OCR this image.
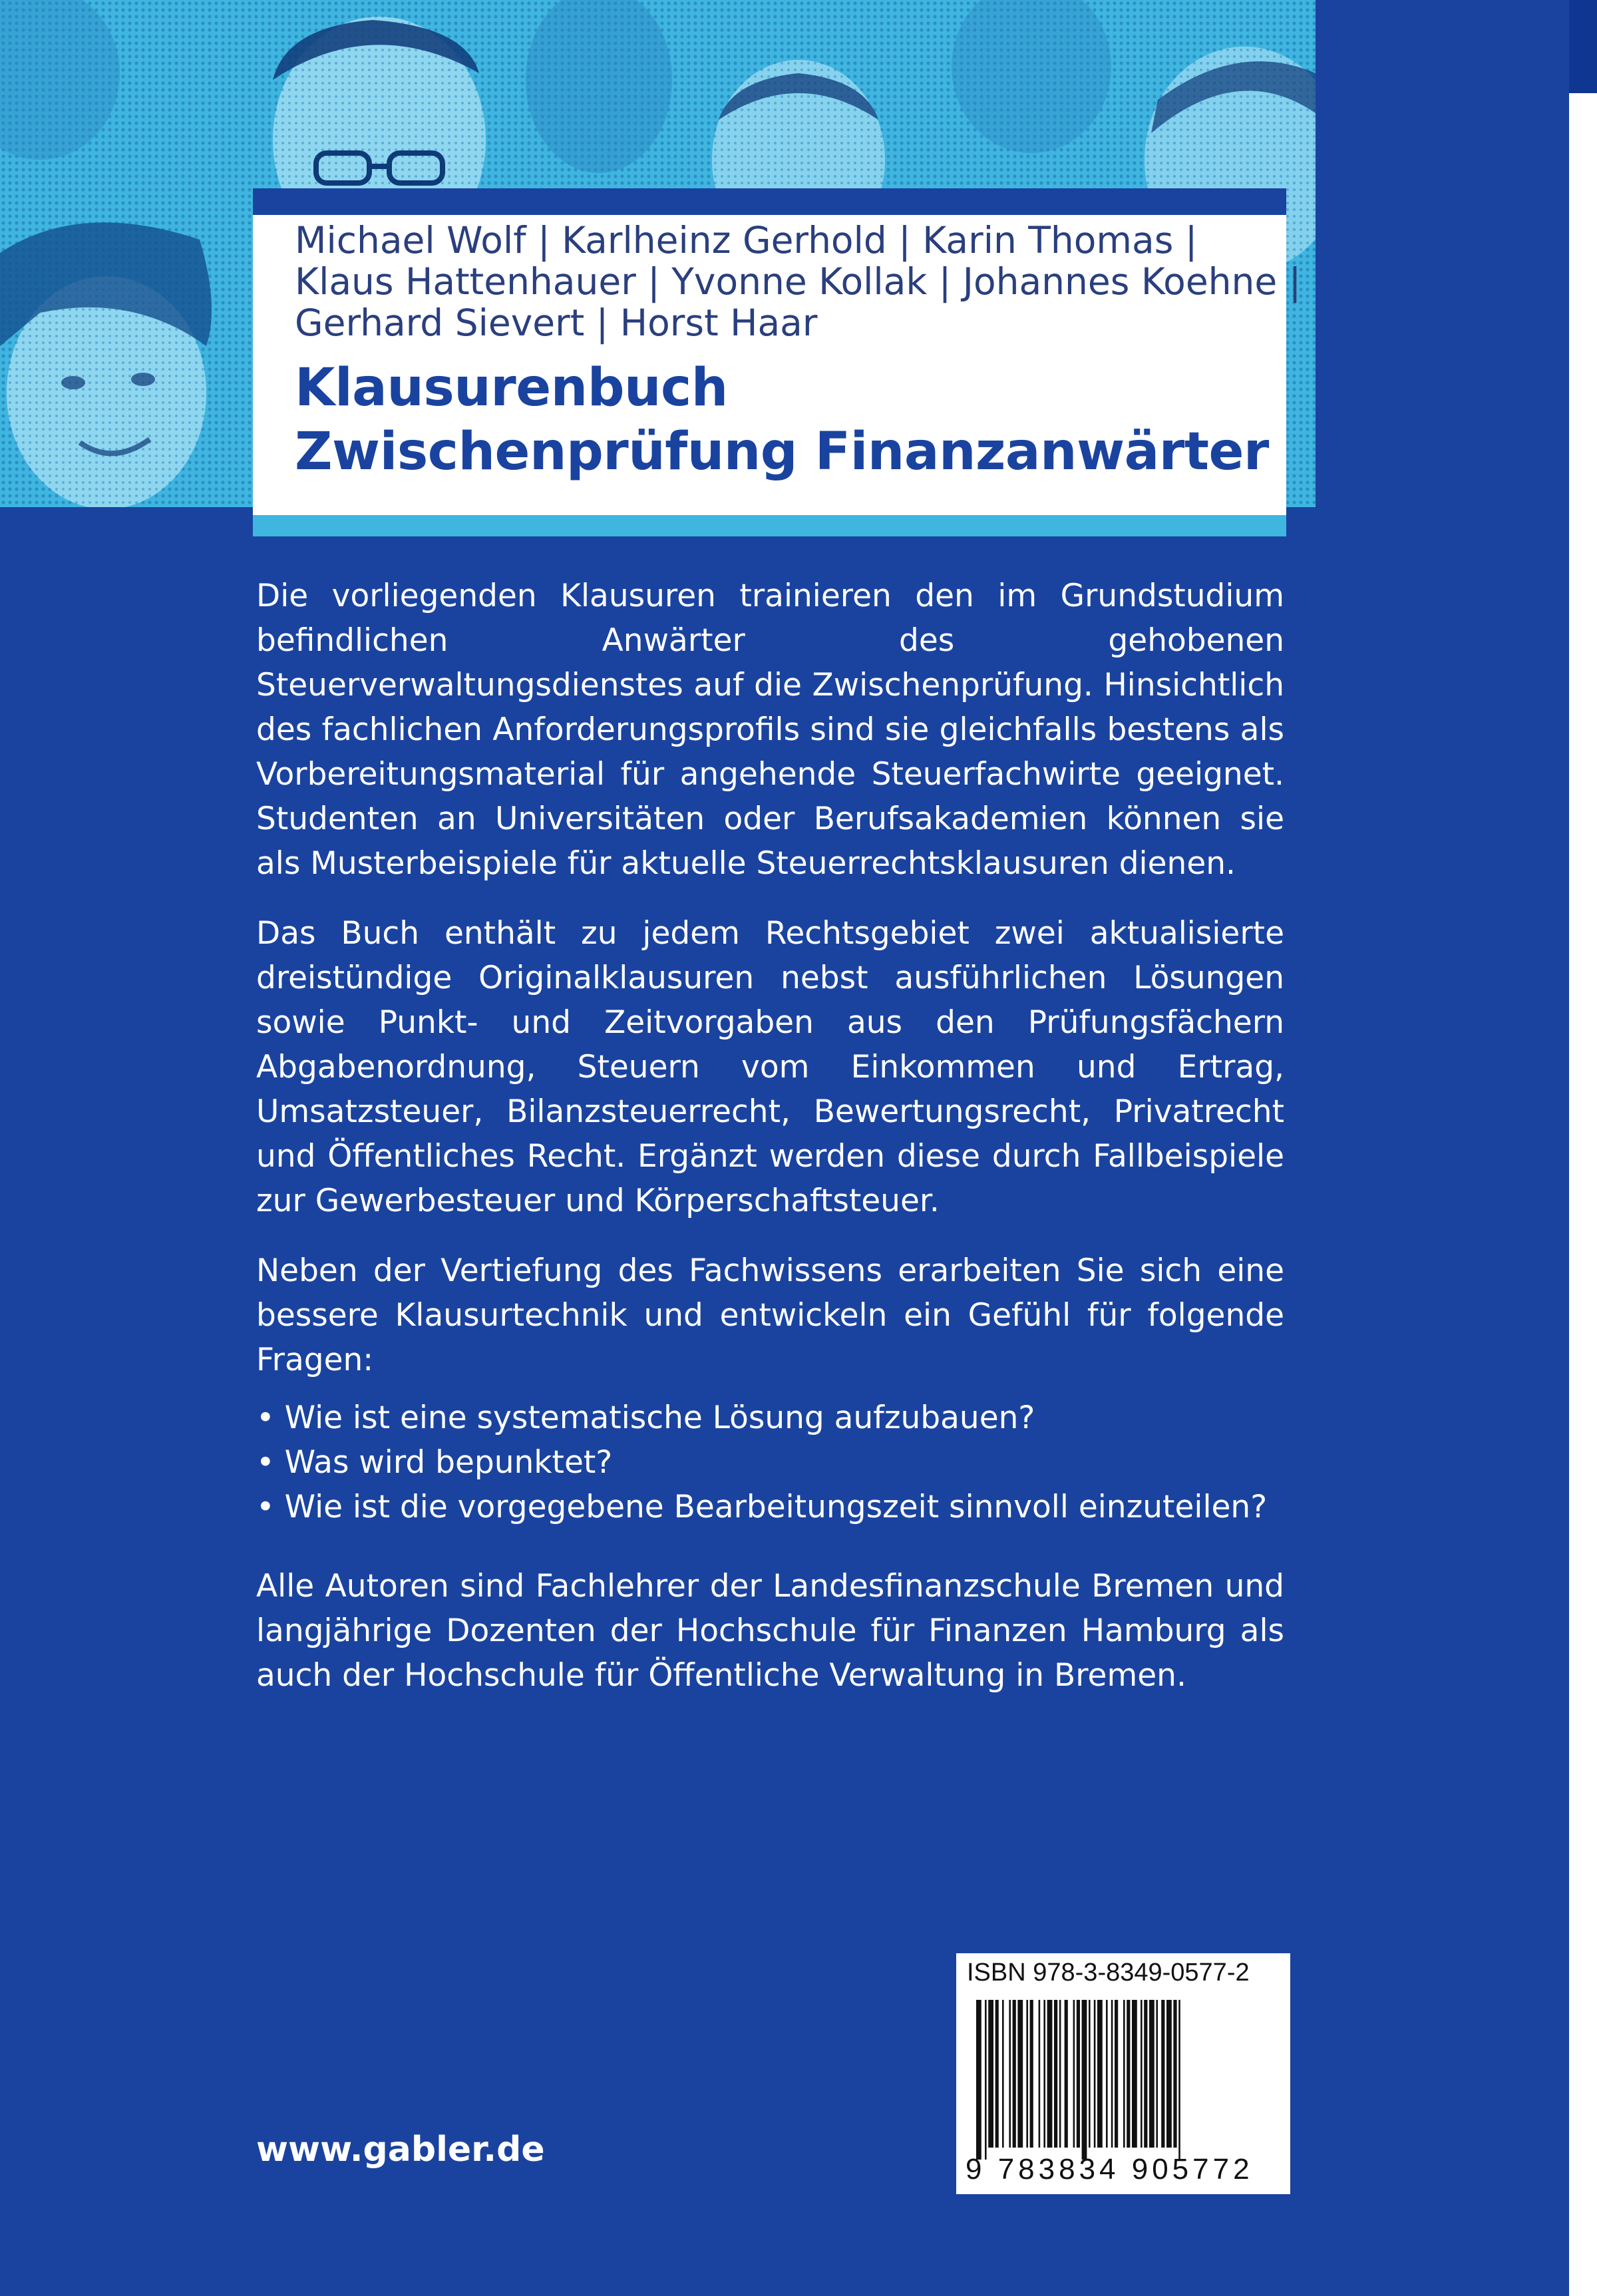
Michael Wolf | Karlheinz Gerhold | Karin Thomas |
Klaus Hattenhauer | Yvonne Kollak | Johannes Koehne |
Gerhard Sievert | Horst Haar
Klausurenbuch
Zwischenprüfung Finanzanwärter

Die vorliegenden Klausuren trainieren den im Grundstudium befindlichen Anwärter des gehobenen Steuerverwaltungsdienstes auf die Zwischenprüfung. Hinsichtlich des fachlichen Anforderungsprofils sind sie gleichfalls bestens als Vorbereitungsmaterial für angehende Steuerfachwirte geeignet. Studenten an Universitäten oder Berufsakademien können sie als Musterbeispiele für aktuelle Steuerrechtsklausuren dienen.

Das Buch enthält zu jedem Rechtsgebiet zwei aktualisierte dreistündige Originalklausuren nebst ausführlichen Lösungen sowie Punkt- und Zeitvorgaben aus den Prüfungsfächern Abgabenordnung, Steuern vom Einkommen und Ertrag, Umsatzsteuer, Bilanzsteuerrecht, Bewertungsrecht, Privatrecht und Öffentliches Recht. Ergänzt werden diese durch Fallbeispiele zur Gewerbesteuer und Körperschaftsteuer.

Neben der Vertiefung des Fachwissens erarbeiten Sie sich eine bessere Klausurtechnik und entwickeln ein Gefühl für folgende Fragen:

• Wie ist eine systematische Lösung aufzubauen?
• Was wird bepunktet?
• Wie ist die vorgegebene Bearbeitungszeit sinnvoll einzuteilen?

Alle Autoren sind Fachlehrer der Landesfinanzschule Bremen und langjährige Dozenten der Hochschule für Finanzen Hamburg als auch der Hochschule für Öffentliche Verwaltung in Bremen.

www.gabler.de
ISBN 978-3-8349-0577-2
9 783834 905772
